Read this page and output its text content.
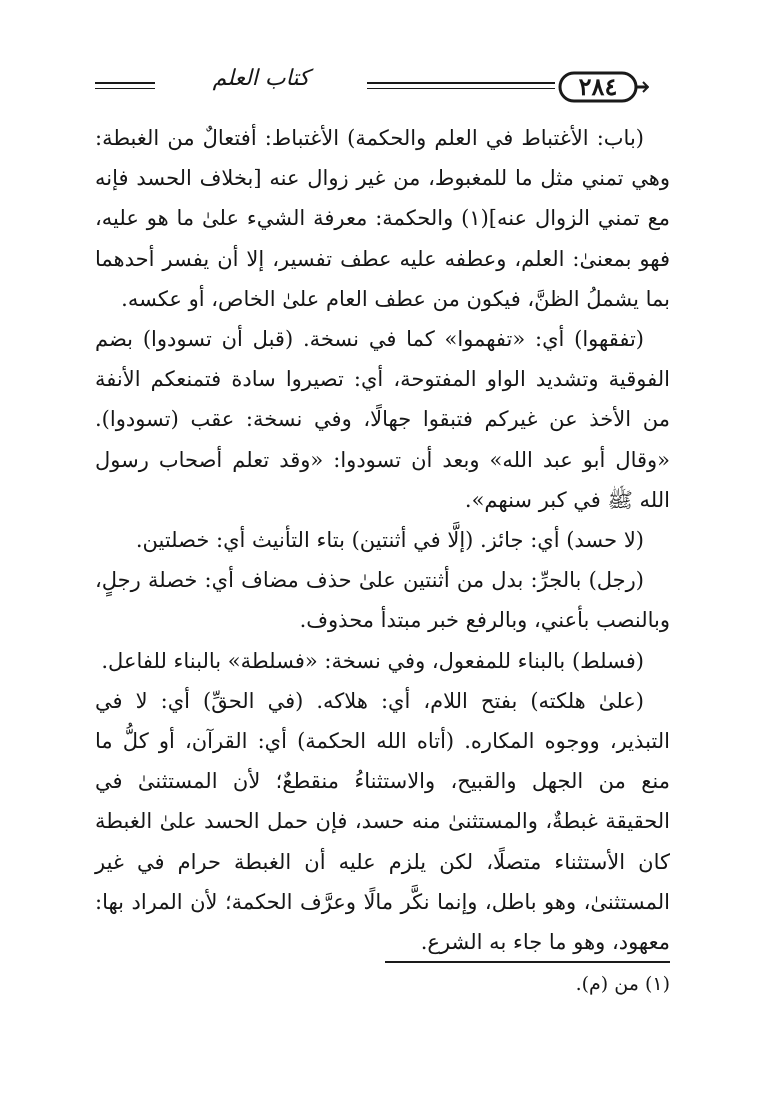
كتاب العلم	٢٨٤

(باب: الأغتباط في العلم والحكمة) الأغتباط: أفتعالٌ من الغبطة: وهي تمني مثل ما للمغبوط، من غير زوال عنه [بخلاف الحسد فإنه مع تمني الزوال عنه](١) والحكمة: معرفة الشيء علىٰ ما هو عليه، فهو بمعنىٰ: العلم، وعطفه عليه عطف تفسير، إلا أن يفسر أحدهما بما يشملُ الظنَّ، فيكون من عطف العام علىٰ الخاص، أو عكسه.

(تفقهوا) أي: «تفهموا» كما في نسخة. (قبل أن تسودوا) بضم الفوقية وتشديد الواو المفتوحة، أي: تصيروا سادة فتمنعكم الأنفة من الأخذ عن غيركم فتبقوا جهالًا، وفي نسخة: عقب (تسودوا). «وقال أبو عبد الله» وبعد أن تسودوا: «وقد تعلم أصحاب رسول الله ﷺ في كبر سنهم».

(لا حسد) أي: جائز. (إلَّا في أثنتين) بتاء التأنيث أي: خصلتين.

(رجل) بالجرِّ: بدل من أثنتين علىٰ حذف مضاف أي: خصلة رجلٍ، وبالنصب بأعني، وبالرفع خبر مبتدأ محذوف.

(فسلط) بالبناء للمفعول، وفي نسخة: «فسلطة» بالبناء للفاعل.

(علىٰ هلكته) بفتح اللام، أي: هلاكه. (في الحقِّ) أي: لا في التبذير، ووجوه المكاره. (أتاه الله الحكمة) أي: القرآن، أو كلُّ ما منع من الجهل والقبيح، والاستثناءُ منقطعٌ؛ لأن المستثنىٰ في الحقيقة غبطةٌ، والمستثنىٰ منه حسد، فإن حمل الحسد علىٰ الغبطة كان الأستثناء متصلًا، لكن يلزم عليه أن الغبطة حرام في غير المستثنىٰ، وهو باطل، وإنما نكَّر مالًا وعرَّف الحكمة؛ لأن المراد بها: معهود، وهو ما جاء به الشرع.

(١) من (م).
